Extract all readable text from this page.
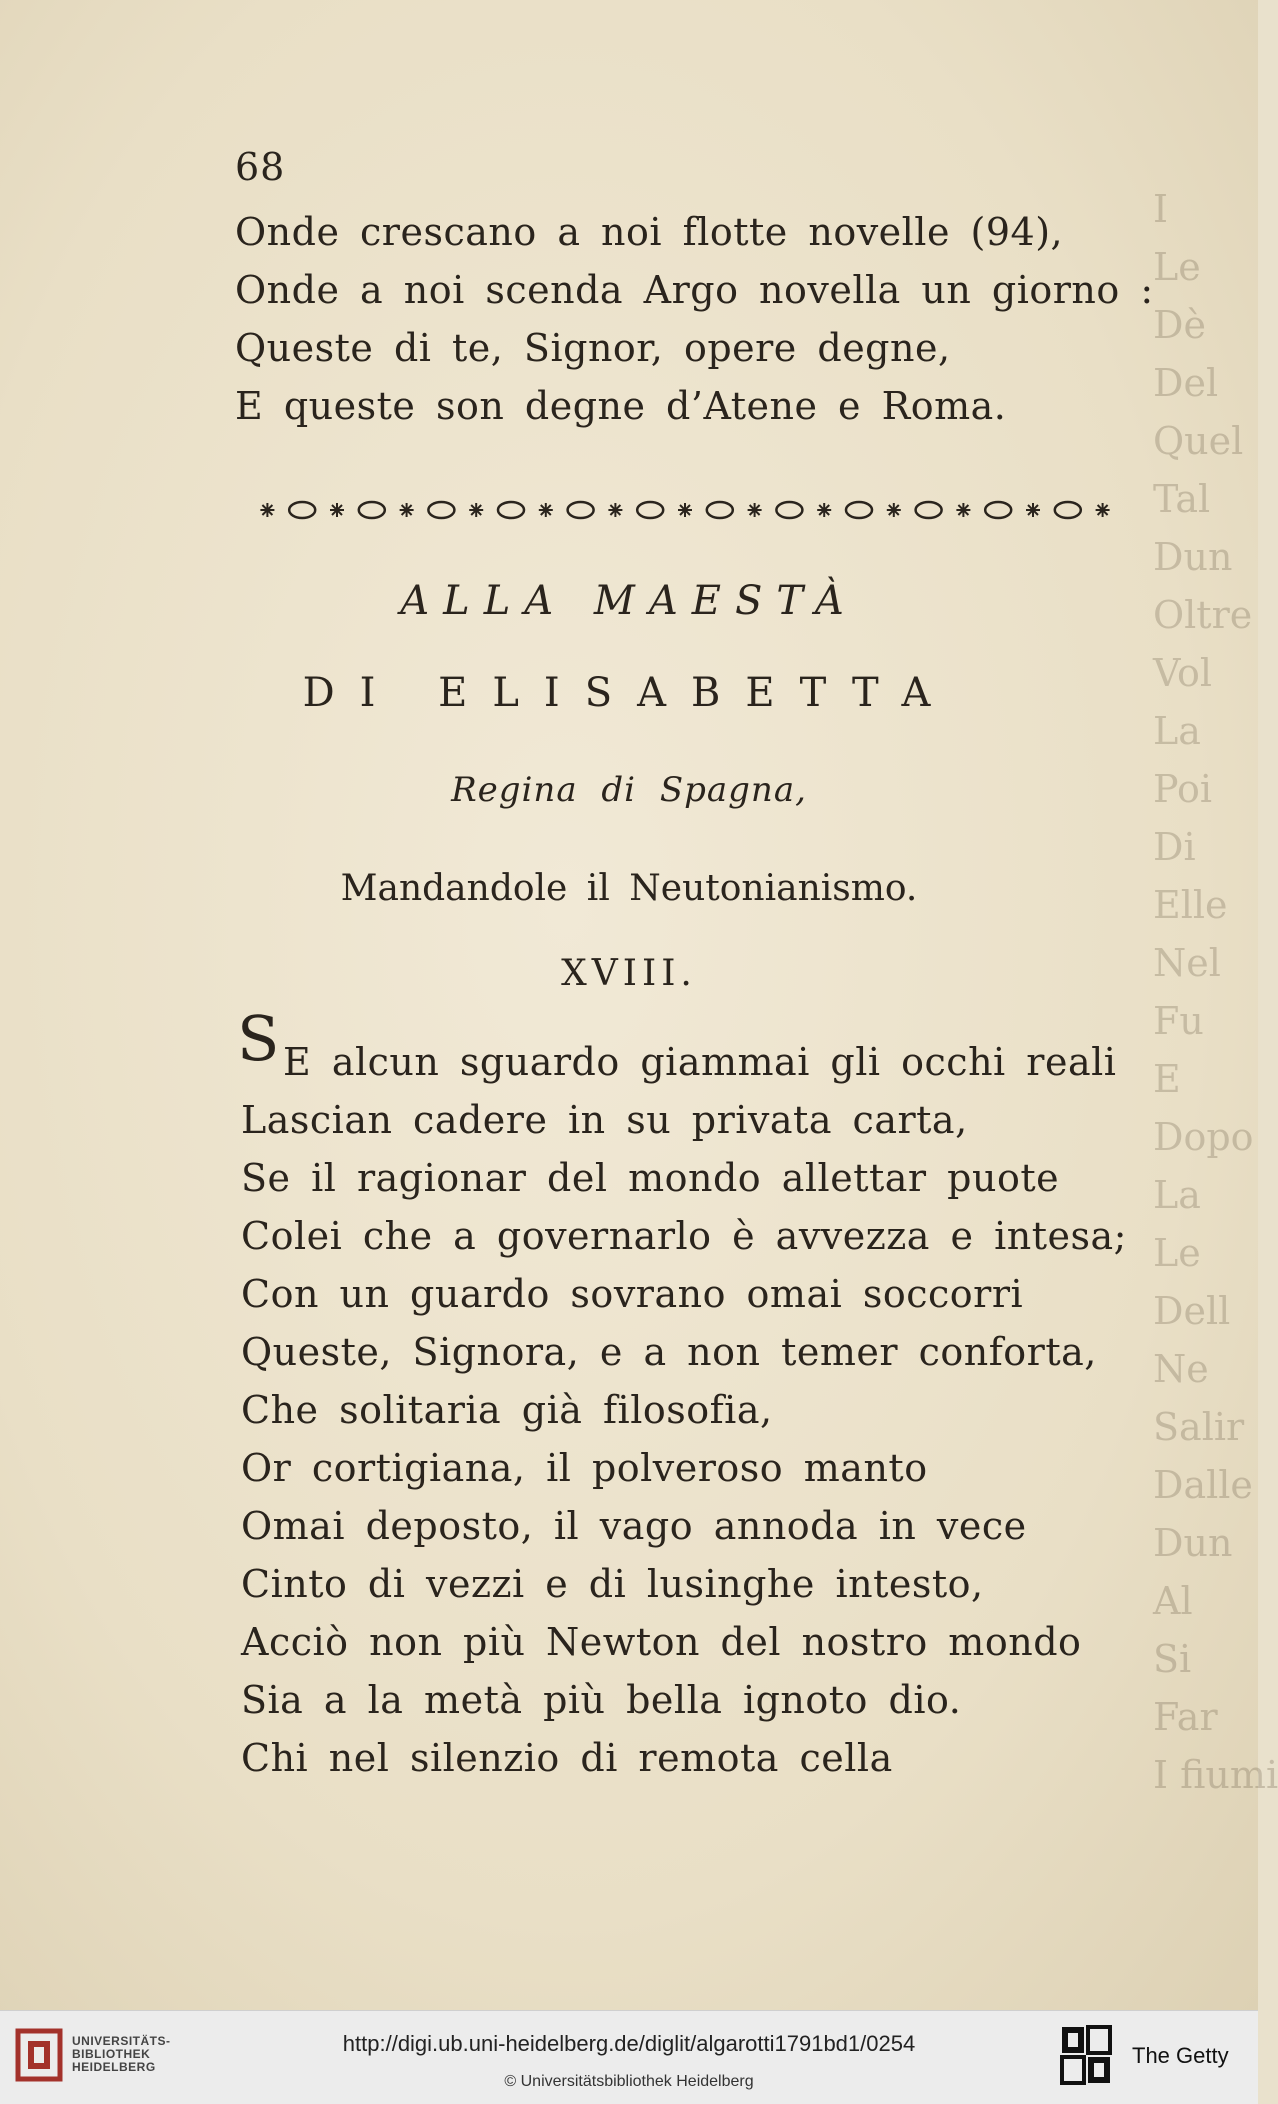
I
Le
Dè
Del
Quel
Tal
Dun
Oltre
Vol
La
Poi
Di
Elle
Nel
Fu
E
Dopo
La
Le
Dell
Ne
Salir
Dalle
Dun
Al
Si
Far
I fiumi
68
Onde crescano a noi flotte novelle (94),
Onde a noi scenda Argo novella un giorno :
Queste di te, Signor, opere degne,
E queste son degne d’Atene e Roma.
ALLA MAESTÀ
DI ELISABETTA
Regina di Spagna,
Mandandole il Neutonianismo.
XVIII.
S E alcun sguardo giammai gli occhi reali
Lascian cadere in su privata carta,
Se il ragionar del mondo allettar puote
Colei che a governarlo è avvezza e intesa;
Con un guardo sovrano omai soccorri
Queste, Signora, e a non temer conforta,
Che solitaria già filosofia,
Or cortigiana, il polveroso manto
Omai deposto, il vago annoda in vece
Cinto di vezzi e di lusinghe intesto,
Acciò non più Newton del nostro mondo
Sia a la metà più bella ignoto dio.
Chi nel silenzio di remota cella
UNIVERSITÄTS-
BIBLIOTHEK
HEIDELBERG
http://digi.ub.uni-heidelberg.de/diglit/algarotti1791bd1/0254
© Universitätsbibliothek Heidelberg
The Getty
